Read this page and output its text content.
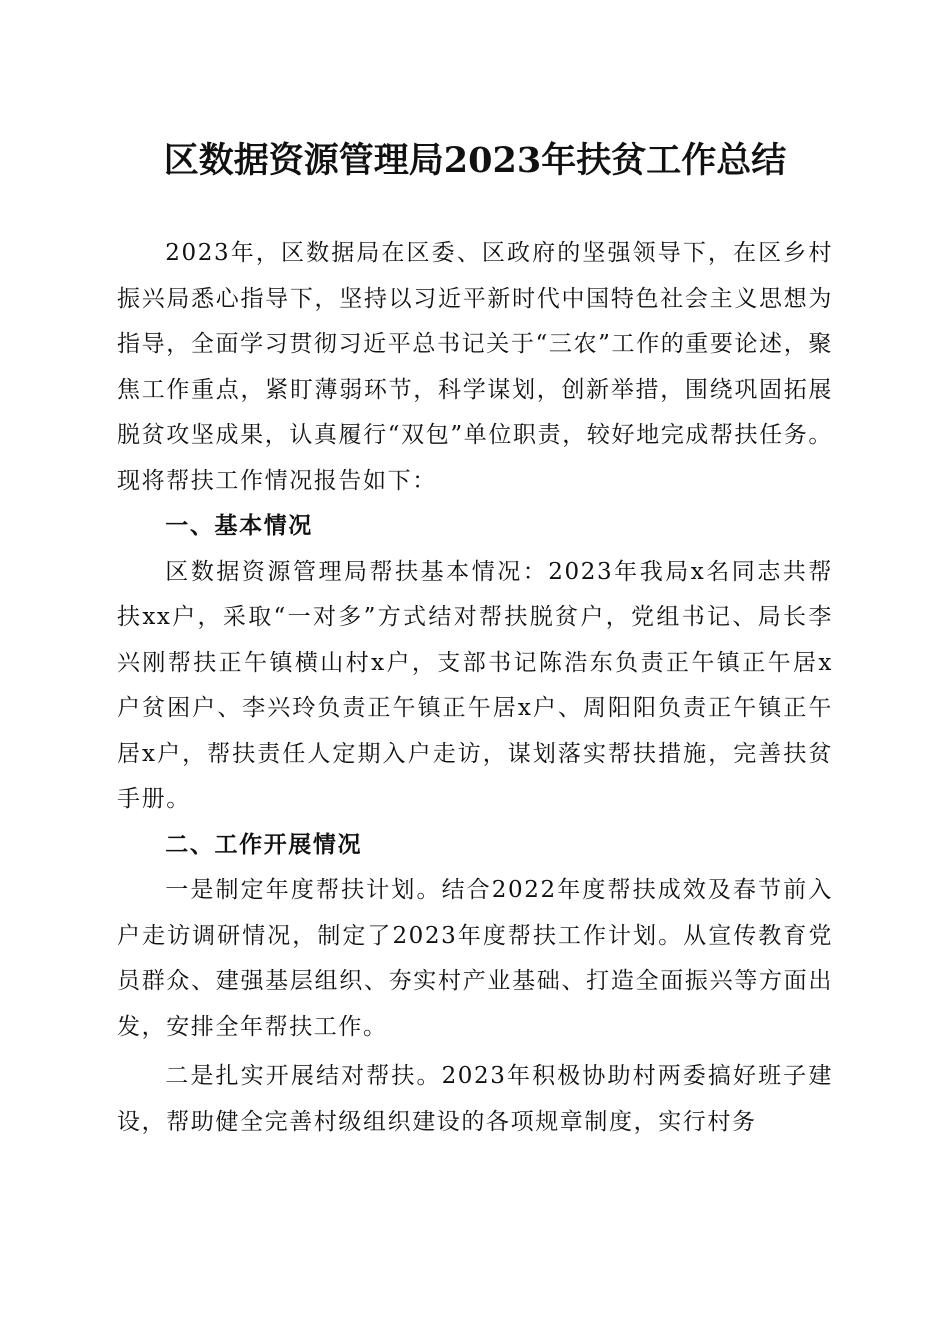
区数据资源管理局2023年扶贫工作总结

2023年，区数据局在区委、区政府的坚强领导下，在区乡村振兴局悉心指导下，坚持以习近平新时代中国特色社会主义思想为指导，全面学习贯彻习近平总书记关于“三农”工作的重要论述，聚焦工作重点，紧盯薄弱环节，科学谋划，创新举措，围绕巩固拓展脱贫攻坚成果，认真履行“双包”单位职责，较好地完成帮扶任务。现将帮扶工作情况报告如下：

一、基本情况

区数据资源管理局帮扶基本情况：2023年我局x名同志共帮扶xx户，采取“一对多”方式结对帮扶脱贫户，党组书记、局长李兴刚帮扶正午镇横山村x户，支部书记陈浩东负责正午镇正午居x户贫困户、李兴玲负责正午镇正午居x户、周阳阳负责正午镇正午居x户，帮扶责任人定期入户走访，谋划落实帮扶措施，完善扶贫手册。

二、工作开展情况

一是制定年度帮扶计划。结合2022年度帮扶成效及春节前入户走访调研情况，制定了2023年度帮扶工作计划。从宣传教育党员群众、建强基层组织、夯实村产业基础、打造全面振兴等方面出发，安排全年帮扶工作。

二是扎实开展结对帮扶。2023年积极协助村两委搞好班子建设，帮助健全完善村级组织建设的各项规章制度，实行村务
